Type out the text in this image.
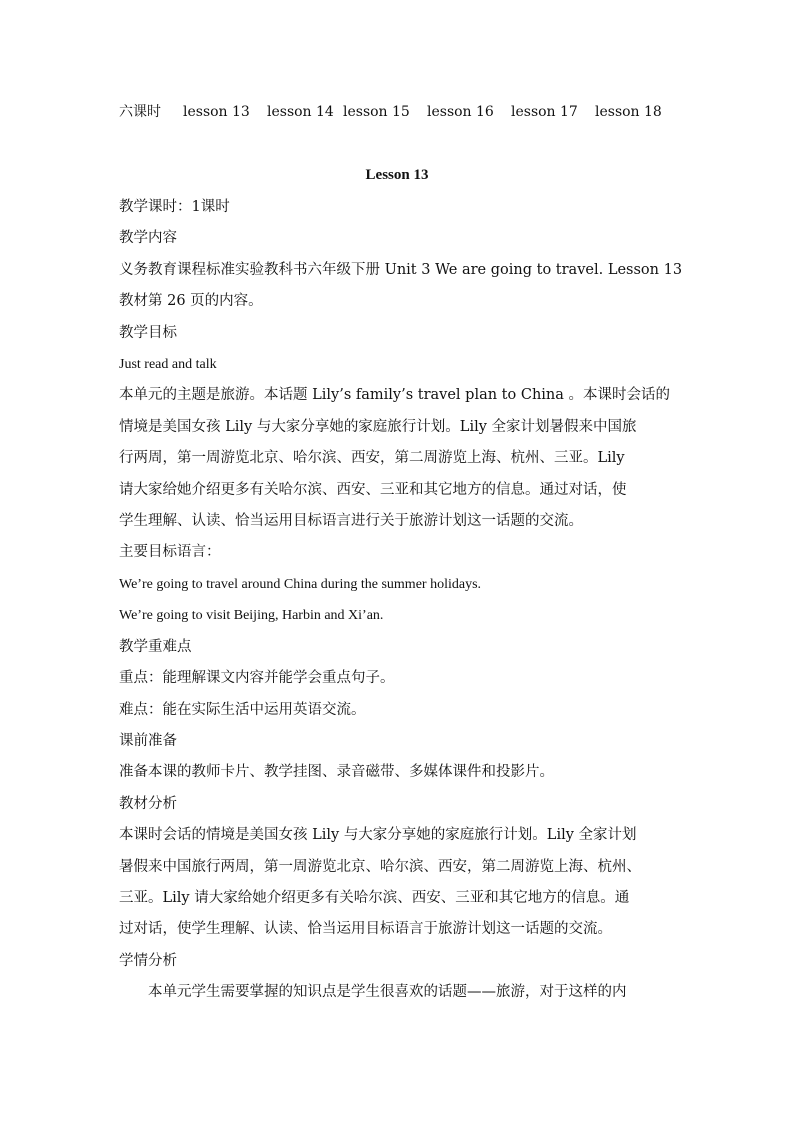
六课时 lesson 13 lesson 14 lesson 15 lesson 16 lesson 17 lesson 18
Lesson 13

教学课时：1课时

教学内容

义务教育课程标准实验教科书六年级下册 Unit 3 We are going to travel. Lesson 13

教材第 26 页的内容。

教学目标

Just read and talk

本单元的主题是旅游。本话题 Lily’s family’s travel plan to China 。本课时会话的

情境是美国女孩 Lily 与大家分享她的家庭旅行计划。Lily 全家计划暑假来中国旅

行两周，第一周游览北京、哈尔滨、西安，第二周游览上海、杭州、三亚。Lily

请大家给她介绍更多有关哈尔滨、西安、三亚和其它地方的信息。通过对话，使

学生理解、认读、恰当运用目标语言进行关于旅游计划这一话题的交流。

主要目标语言：

We’re going to travel around China during the summer holidays.

We’re going to visit Beijing, Harbin and Xi’an.

教学重难点

重点：能理解课文内容并能学会重点句子。

难点：能在实际生活中运用英语交流。

课前准备

准备本课的教师卡片、教学挂图、录音磁带、多媒体课件和投影片。

教材分析

本课时会话的情境是美国女孩 Lily 与大家分享她的家庭旅行计划。Lily 全家计划

暑假来中国旅行两周，第一周游览北京、哈尔滨、西安，第二周游览上海、杭州、

三亚。Lily 请大家给她介绍更多有关哈尔滨、西安、三亚和其它地方的信息。通

过对话，使学生理解、认读、恰当运用目标语言于旅游计划这一话题的交流。

学情分析

本单元学生需要掌握的知识点是学生很喜欢的话题——旅游，对于这样的内
